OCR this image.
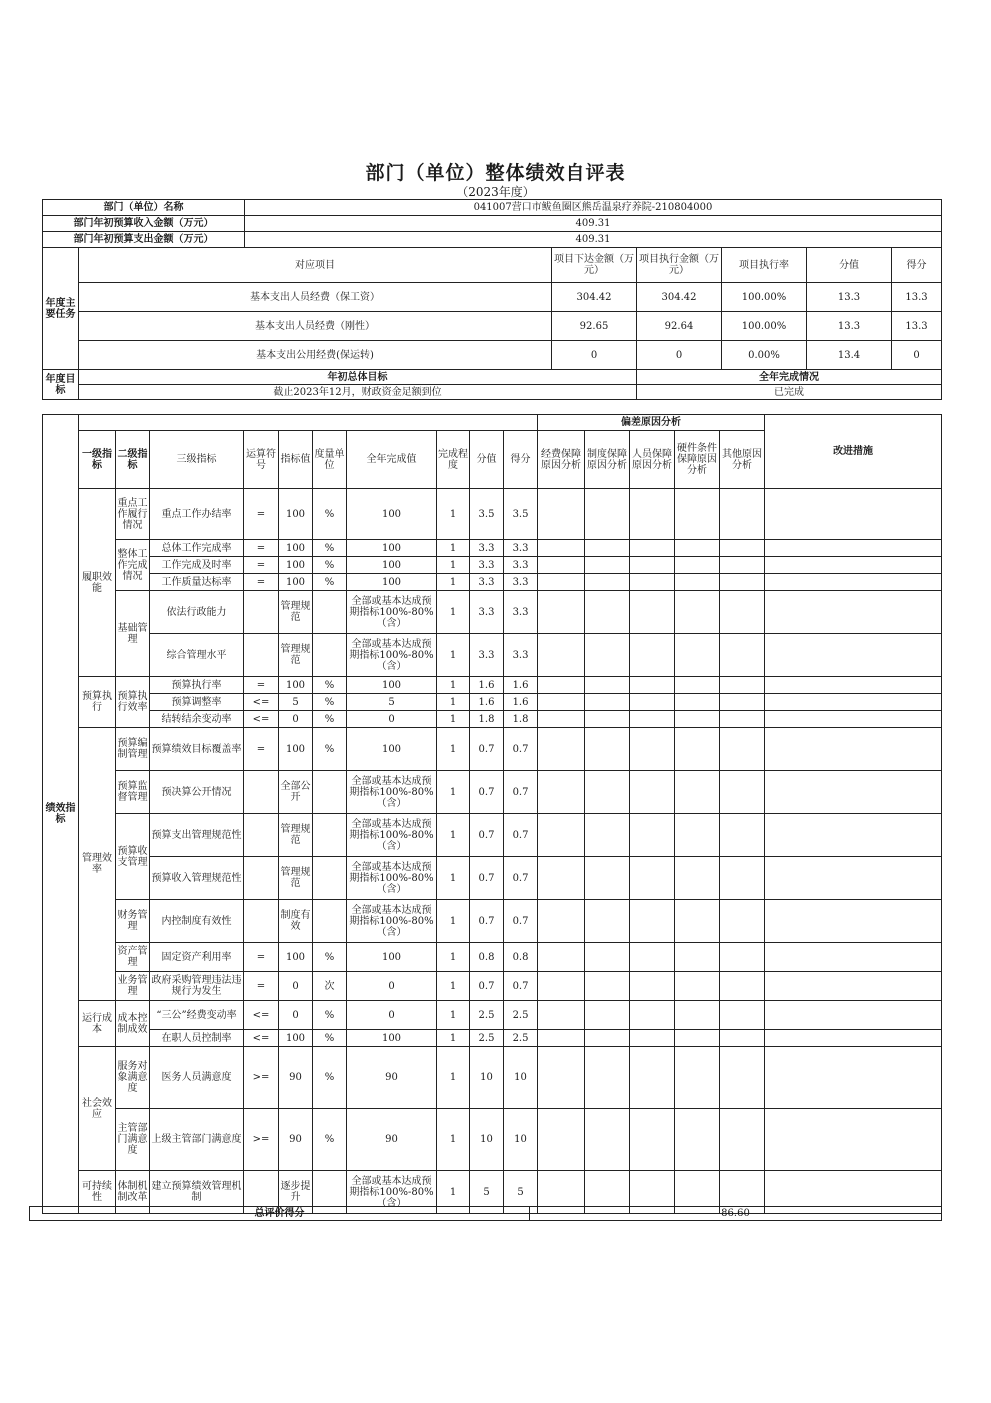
部门（单位）整体绩效自评表
（2023年度）
部门（单位）名称		041007营口市鲅鱼圈区熊岳温泉疗养院-210804000					
部门年初预算收入金额（万元）		409.31					
部门年初预算支出金额（万元）		409.31					
年度主要任务	对应项目		项目下达金额（万元）	项目执行金额（万元）	项目执行率	分值	得分
	基本支出人员经费（保工资）		304.42	304.42	100.00%	13.3	13.3
	基本支出人员经费（刚性）		92.65	92.64	100.00%	13.3	13.3
	基本支出公用经费(保运转)		0	0	0.00%	13.4	0
年度目标	年初总体目标			全年完成情况			
	截止2023年12月，财政资金足额到位			已完成			
绩效指标											偏差原因分析					改进措施
	一级指标	二级指标	三级指标	运算符号	指标值	度量单位	全年完成值	完成程度	分值	得分	经费保障原因分析	制度保障原因分析	人员保障原因分析	硬件条件保障原因分析	其他原因分析	
	履职效能	重点工作履行情况	重点工作办结率	=	100	%	100	1	3.5	3.5						
		整体工作完成情况	总体工作完成率	=	100	%	100	1	3.3	3.3						
			工作完成及时率	=	100	%	100	1	3.3	3.3						
			工作质量达标率	=	100	%	100	1	3.3	3.3						
		基础管理	依法行政能力		管理规范		全部或基本达成预期指标100%-80%（含）	1	3.3	3.3						
			综合管理水平		管理规范		全部或基本达成预期指标100%-80%（含）	1	3.3	3.3						
	预算执行	预算执行效率	预算执行率	=	100	%	100	1	1.6	1.6						
			预算调整率	<=	5	%	5	1	1.6	1.6						
			结转结余变动率	<=	0	%	0	1	1.8	1.8						
	管理效率	预算编制管理	预算绩效目标覆盖率	=	100	%	100	1	0.7	0.7						
		预算监督管理	预决算公开情况		全部公开		全部或基本达成预期指标100%-80%（含）	1	0.7	0.7						
		预算收支管理	预算支出管理规范性		管理规范		全部或基本达成预期指标100%-80%（含）	1	0.7	0.7						
			预算收入管理规范性		管理规范		全部或基本达成预期指标100%-80%（含）	1	0.7	0.7						
		财务管理	内控制度有效性		制度有效		全部或基本达成预期指标100%-80%（含）	1	0.7	0.7						
		资产管理	固定资产利用率	=	100	%	100	1	0.8	0.8						
		业务管理	政府采购管理违法违规行为发生	=	0	次	0	1	0.7	0.7						
	运行成本	成本控制成效	“三公”经费变动率	<=	0	%	0	1	2.5	2.5						
			在职人员控制率	<=	100	%	100	1	2.5	2.5						
	社会效应	服务对象满意度	医务人员满意度	>=	90	%	90	1	10	10						
		主管部门满意度	上级主管部门满意度	>=	90	%	90	1	10	10						
	可持续性	体制机制改革	建立预算绩效管理机制		逐步提升		全部或基本达成预期指标100%-80%（含）	1	5	5						
总评价得分	86.60
